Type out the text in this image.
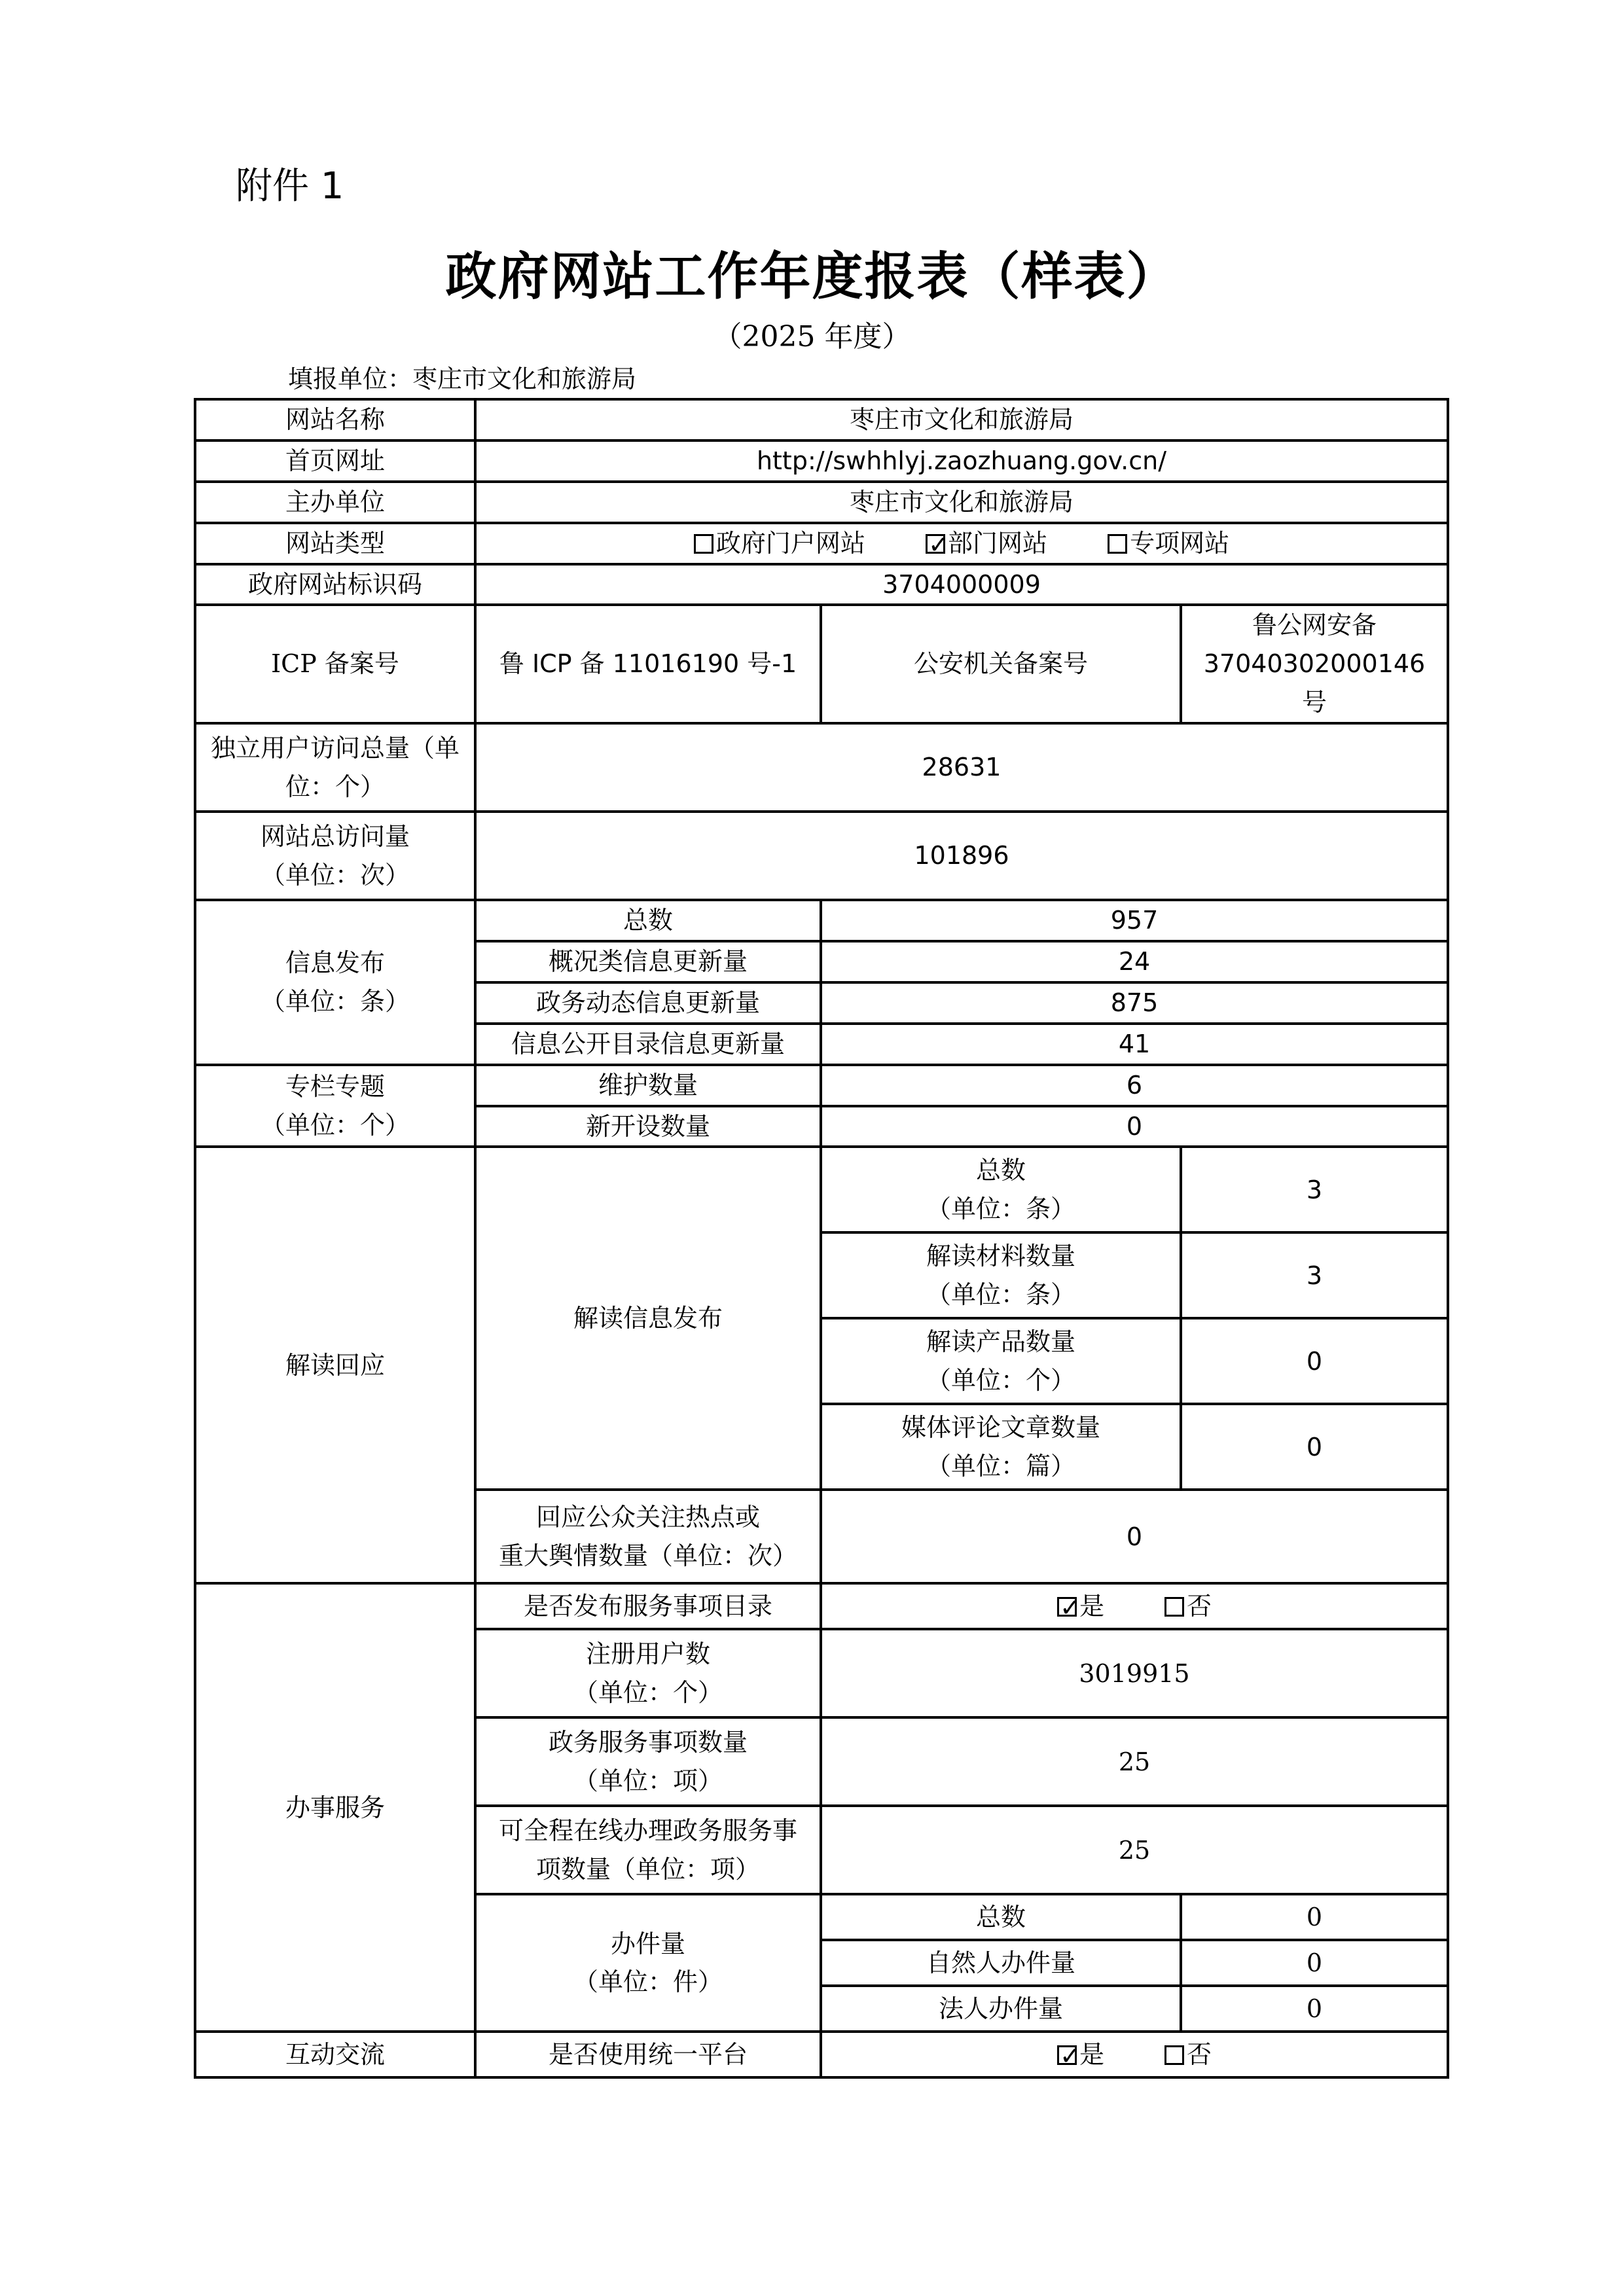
附件 1
政府网站工作年度报表（样表）
（2025 年度）
填报单位：枣庄市文化和旅游局
网站名称	枣庄市文化和旅游局		
首页网址	http://swhhlyj.zaozhuang.gov.cn/		
主办单位	枣庄市文化和旅游局		
网站类型	政府门户网站 ✓ 部门网站 专项网站
政府网站标识码	3704000009		
ICP 备案号	鲁 ICP 备 11016190 号-1	公安机关备案号	鲁公网安备
37040302000146 号

独立用户访问总量（单
位：个）	28631		

网站总访问量
（单位：次）	101896		

信息发布
（单位：条）	总数	957	
	概况类信息更新量	24	
	政务动态信息更新量	875	
	信息公开目录信息更新量	41	

专栏专题
（单位：个）	维护数量	6	
	新开设数量	0	
解读回应	解读信息发布	总数
（单位：条）	3

		解读材料数量
（单位：条）	3

		解读产品数量
（单位：个）	0

		媒体评论文章数量
（单位：篇）	0

	回应公众关注热点或
重大舆情数量（单位：次）	0	
办事服务	是否发布服务事项目录	✓是 否

	注册用户数
（单位：个）	3019915	

	政务服务事项数量
（单位：项）	25	

	可全程在线办理政务服务事
项数量（单位：项）	25	

	办件量
（单位：件）	总数	0
		自然人办件量	0
		法人办件量	0
互动交流	是否使用统一平台	✓是 否
